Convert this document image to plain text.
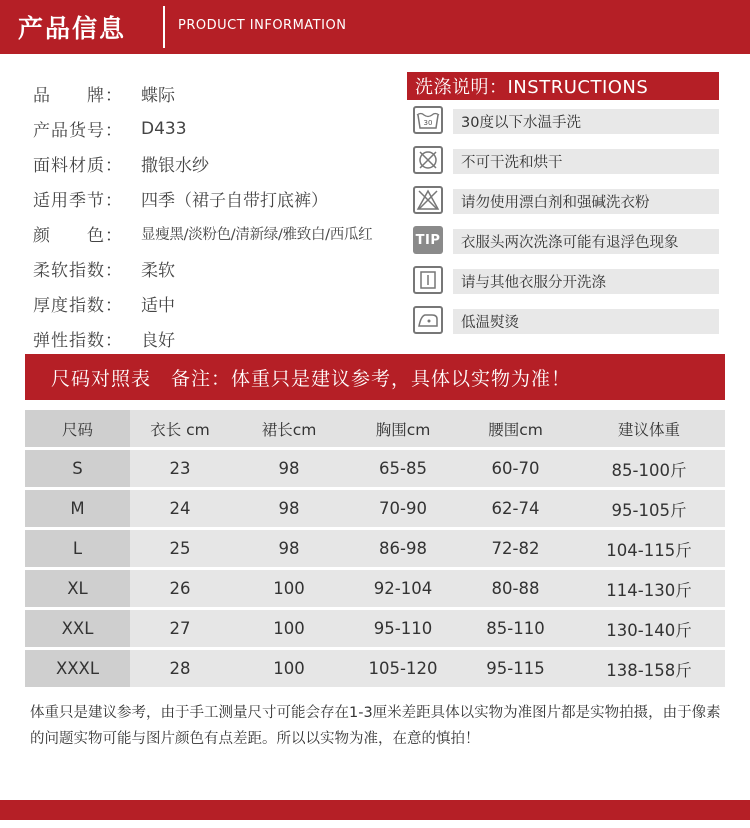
产品信息	PRODUCT INFORMATION
品　　牌：	蝶际
产品货号：	D433
面料材质：	撒银水纱
适用季节：	四季（裙子自带打底裤）
颜　　色：	显瘦黑/淡粉色/清新绿/雅致白/西瓜红
柔软指数：	柔软
厚度指数：	适中
弹性指数：	良好
洗涤说明：INSTRUCTIONS
30	30度以下水温手洗
不可干洗和烘干
请勿使用漂白剂和强碱洗衣粉
TIP	衣服头两次洗涤可能有退浮色现象
请与其他衣服分开洗涤
低温熨烫
尺码对照表　备注：体重只是建议参考，具体以实物为准！
尺码	衣长 cm	裙长cm	胸围cm	腰围cm	建议体重
S	23	98	65-85	60-70	85-100斤
M	24	98	70-90	62-74	95-105斤
L	25	98	86-98	72-82	104-115斤
XL	26	100	92-104	80-88	114-130斤
XXL	27	100	95-110	85-110	130-140斤
XXXL	28	100	105-120	95-115	138-158斤

体重只是建议参考，由于手工测量尺寸可能会存在1-3厘米差距具体以实物为准图片都是实物拍摄，由于像素的问题实物可能与图片颜色有点差距。所以以实物为准，在意的慎拍！
